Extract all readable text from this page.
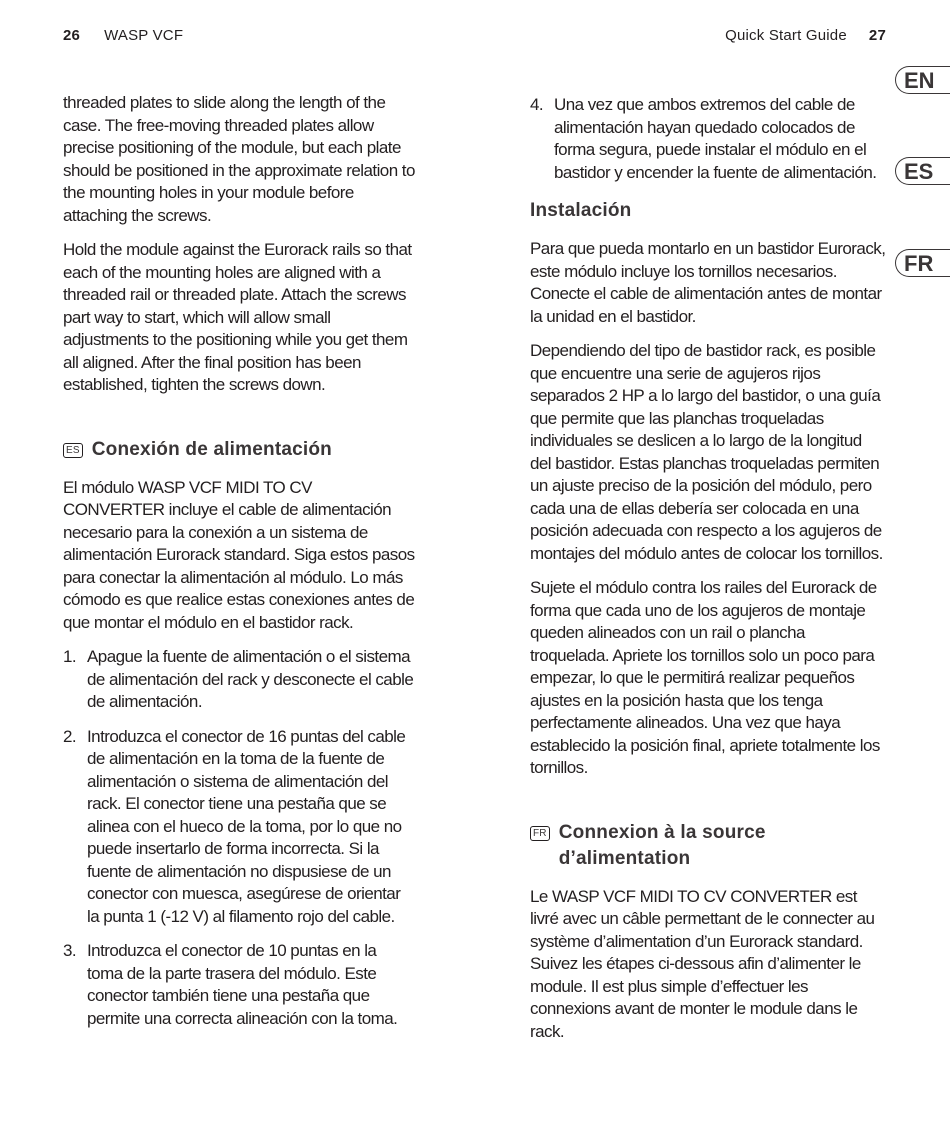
26 WASP VCF	Quick Start Guide 27
EN
ES
FR

threaded plates to slide along the length of the case. The free-moving threaded plates allow precise positioning of the module, but each plate should be positioned in the approximate relation to the mounting holes in your module before attaching the screws.

Hold the module against the Eurorack rails so that each of the mounting holes are aligned with a threaded rail or threaded plate. Attach the screws part way to start, which will allow small adjustments to the positioning while you get them all aligned. After the final position has been established, tighten the screws down.

ES Conexión de alimentación

El módulo WASP VCF MIDI TO CV CONVERTER incluye el cable de alimentación necesario para la conexión a un sistema de alimentación Eurorack standard. Siga estos pasos para conectar la alimentación al módulo. Lo más cómodo es que realice estas conexiones antes de que montar el módulo en el bastidor rack.

1. Apague la fuente de alimentación o el sistema de alimentación del rack y desconecte el cable de alimentación.
2. Introduzca el conector de 16 puntas del cable de alimentación en la toma de la fuente de alimentación o sistema de alimentación del rack. El conector tiene una pestaña que se alinea con el hueco de la toma, por lo que no puede insertarlo de forma incorrecta. Si la fuente de alimentación no dispusiese de un conector con muesca, asegúrese de orientar la punta 1 (-12 V) al filamento rojo del cable.
3. Introduzca el conector de 10 puntas en la toma de la parte trasera del módulo. Este conector también tiene una pestaña que permite una correcta alineación con la toma.
4. Una vez que ambos extremos del cable de alimentación hayan quedado colocados de forma segura, puede instalar el módulo en el bastidor y encender la fuente de alimentación.
Instalación

Para que pueda montarlo en un bastidor Eurorack, este módulo incluye los tornillos necesarios. Conecte el cable de alimentación antes de montar la unidad en el bastidor.

Dependiendo del tipo de bastidor rack, es posible que encuentre una serie de agujeros rijos separados 2 HP a lo largo del bastidor, o una guía que permite que las planchas troqueladas individuales se deslicen a lo largo de la longitud del bastidor. Estas planchas troqueladas permiten un ajuste preciso de la posición del módulo, pero cada una de ellas debería ser colocada en una posición adecuada con respecto a los agujeros de montajes del módulo antes de colocar los tornillos.

Sujete el módulo contra los railes del Eurorack de forma que cada uno de los agujeros de montaje queden alineados con un rail o plancha troquelada. Apriete los tornillos solo un poco para empezar, lo que le permitirá realizar pequeños ajustes en la posición hasta que los tenga perfectamente alineados. Una vez que haya establecido la posición final, apriete totalmente los tornillos.

FR Connexion à la source d’alimentation

Le WASP VCF MIDI TO CV CONVERTER est livré avec un câble permettant de le connecter au système d’alimentation d’un Eurorack standard. Suivez les étapes ci-dessous afin d’alimenter le module. Il est plus simple d’effectuer les connexions avant de monter le module dans le rack.
